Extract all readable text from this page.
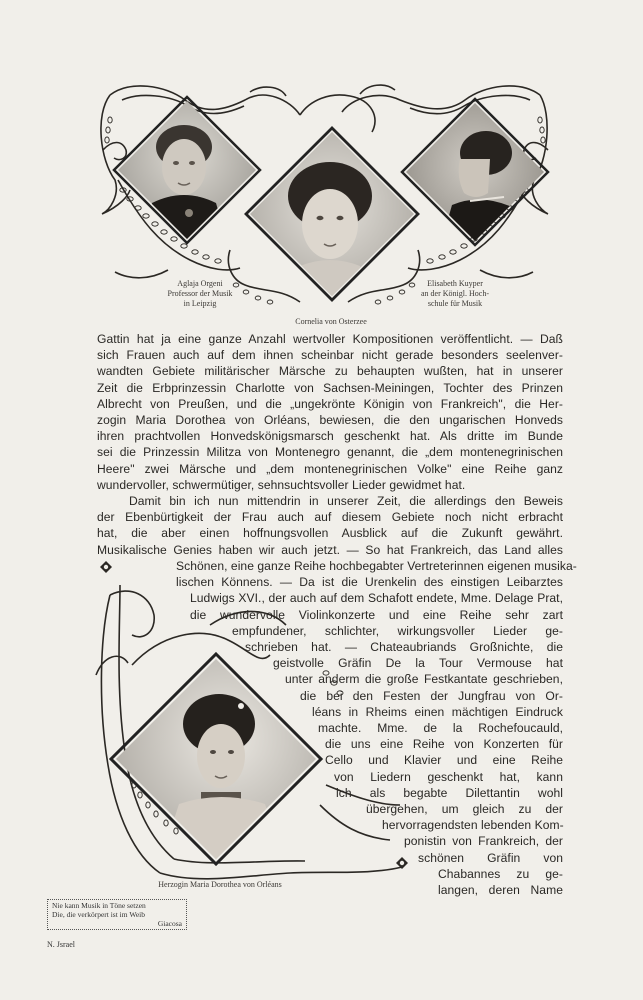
Aglaja Orgeni
Professor der Musik
in Leipzig
Cornelia von Osterzee
Elisabeth Kuyper
an der Königl. Hoch-
schule für Musik
Gattin hat ja eine ganze Anzahl wertvoller Kompositionen veröffentlicht. — Daß
sich Frauen auch auf dem ihnen scheinbar nicht gerade besonders seelenver-
wandten Gebiete militärischer Märsche zu behaupten wußten, hat in unserer
Zeit die Erbprinzessin Charlotte von Sachsen-Meiningen, Tochter des Prinzen
Albrecht von Preußen, und die „ungekrönte Königin von Frankreich", die Her-
zogin Maria Dorothea von Orléans, bewiesen, die den ungarischen Honveds
ihren prachtvollen Honvedskönigsmarsch geschenkt hat. Als dritte im Bunde
sei die Prinzessin Militza von Montenegro genannt, die „dem montenegrinischen
Heere" zwei Märsche und „dem montenegrinischen Volke" eine Reihe ganz
wundervoller, schwermütiger, sehnsuchtsvoller Lieder gewidmet hat.
Damit bin ich nun mittendrin in unserer Zeit, die allerdings den Beweis
der Ebenbürtigkeit der Frau auch auf diesem Gebiete noch nicht erbracht
hat, die aber einen hoffnungsvollen Ausblick auf die Zukunft gewährt.
Musikalische Genies haben wir auch jetzt. — So hat Frankreich, das Land alles
Schönen, eine ganze Reihe hochbegabter Vertreterinnen eigenen musika-
lischen Könnens. — Da ist die Urenkelin des einstigen Leibarztes
Ludwigs XVI., der auch auf dem Schafott endete, Mme. Delage Prat,
die wundervolle Violinkonzerte und eine Reihe sehr zart
empfundener, schlichter, wirkungsvoller Lieder ge-
schrieben hat. — Chateaubriands Großnichte, die
geistvolle Gräfin De la Tour Vermouse hat
unter anderm die große Festkantate geschrieben,
die bei den Festen der Jungfrau von Or-
léans in Rheims einen mächtigen Eindruck
machte. Mme. de la Rochefoucauld,
die uns eine Reihe von Konzerten für
Cello und Klavier und eine Reihe
von Liedern geschenkt hat, kann
ich als begabte Dilettantin wohl
übergehen, um gleich zu der
hervorragendsten lebenden Kom-
ponistin von Frankreich, der
schönen Gräfin von
Chabannes zu ge-
langen, deren Name
Herzogin Maria Dorothea von Orléans
Nie kann Musik in Töne setzen
Die, die verkörpert ist im Weib
Giacosa
N. Jsrael
